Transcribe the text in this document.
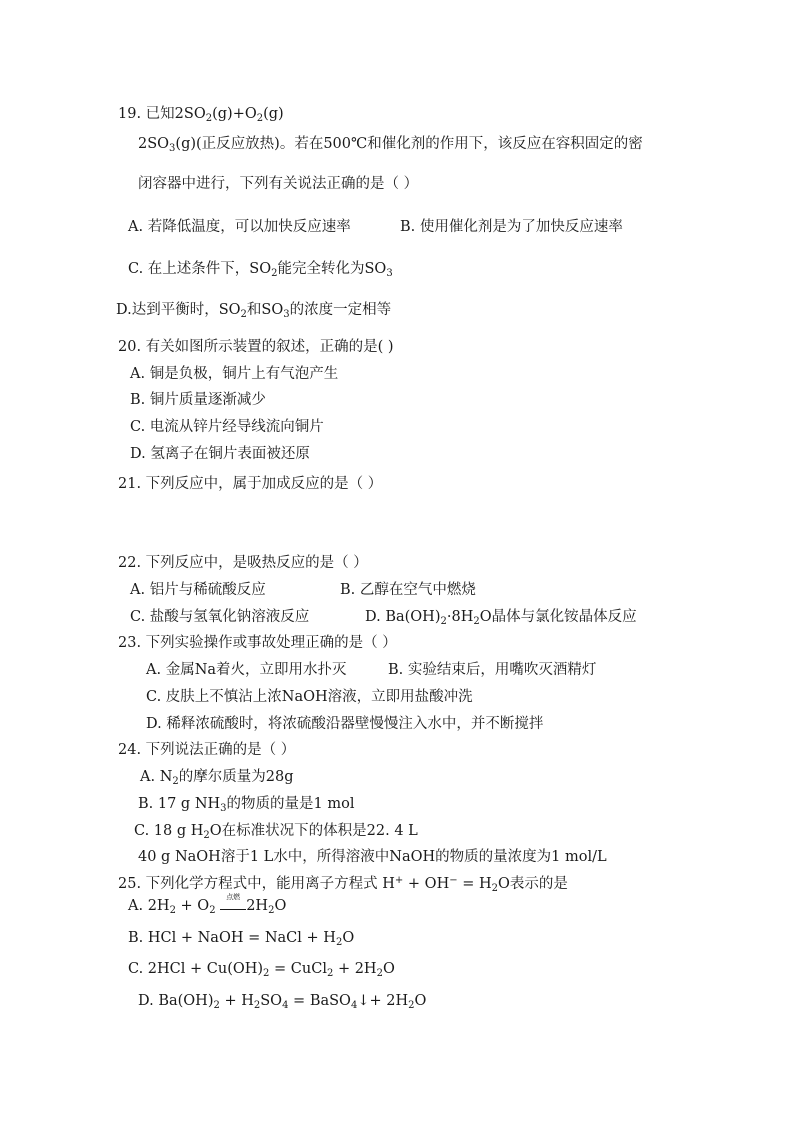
19. 已知$2SO_2(g)+O_2(g)$
$2SO_3(g)$(正反应放热)。若在500℃和催化剂的作用下，该反应在容积固定的密
闭容器中进行，下列有关说法正确的是（ ）
A. 若降低温度，可以加快反应速率	B. 使用催化剂是为了加快反应速率
C. 在上述条件下，$SO_2$能完全转化为$SO_3$
D.达到平衡时，$SO_2$和$SO_3$的浓度一定相等
20. 有关如图所示装置的叙述，正确的是( )
A. 铜是负极，铜片上有气泡产生
B. 铜片质量逐渐减少
C. 电流从锌片经导线流向铜片
D. 氢离子在铜片表面被还原
21. 下列反应中，属于加成反应的是（ ）
22. 下列反应中，是吸热反应的是（ ）
A. 铝片与稀硫酸反应	B. 乙醇在空气中燃烧
C. 盐酸与氢氧化钠溶液反应	D. $Ba(OH)_2\cdot 8H_2O$晶体与氯化铵晶体反应
23. 下列实验操作或事故处理正确的是（ ）
A. 金属Na着火，立即用水扑灭	B. 实验结束后，用嘴吹灭酒精灯
C. 皮肤上不慎沾上浓NaOH溶液，立即用盐酸冲洗
D. 稀释浓硫酸时，将浓硫酸沿器壁慢慢注入水中，并不断搅拌
24. 下列说法正确的是（ ）
A. $N_2$的摩尔质量为28g
B. 17 g $NH_3$的物质的量是1 mol
C. 18 g $H_2O$在标准状况下的体积是22. 4 L
40 g NaOH溶于1 L水中，所得溶液中NaOH的物质的量浓度为1 mol/L
25. 下列化学方程式中，能用离子方程式 $H^+ + OH^- = H_2O$表示的是
A. $2H_2 + O_2$
点燃
$2H_2O$
B. HCl + NaOH = NaCl + $H_2O$
C. $2HCl + Cu(OH)_2$ = CuCl$_2$ + $2H_2O$
D. $Ba(OH)_2 + H_2SO_4$ = BaSO$_4$↓+ $2H_2O$
